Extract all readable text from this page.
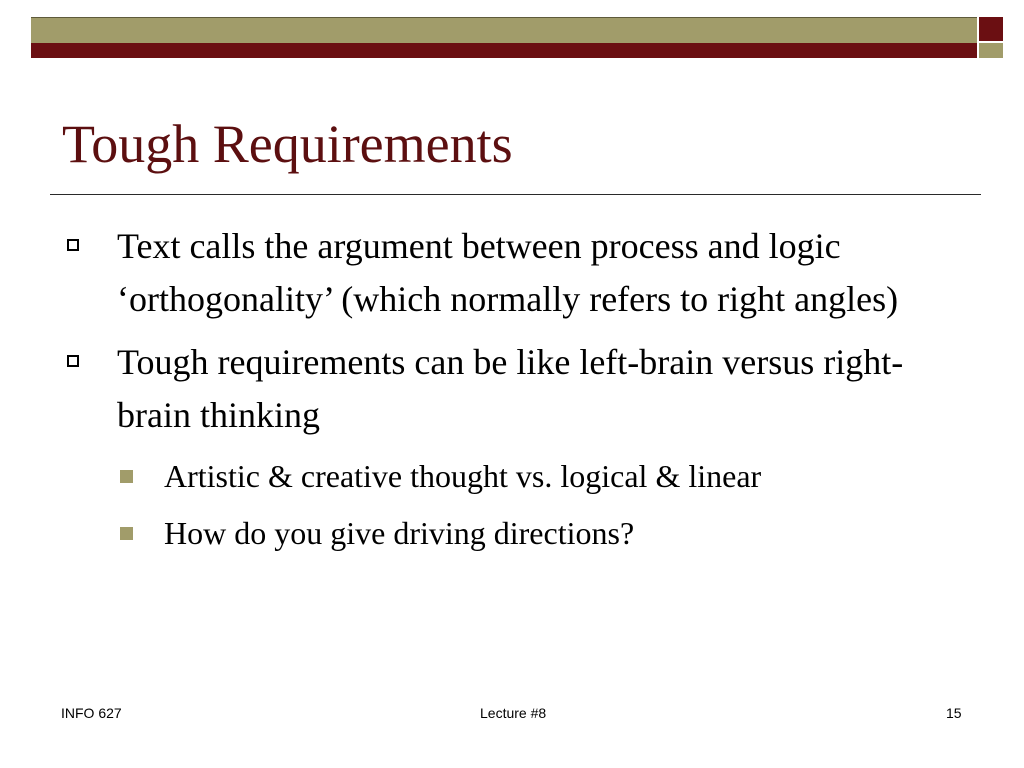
Tough Requirements
Text calls the argument between process and logic ‘orthogonality’ (which normally refers to right angles)
Tough requirements can be like left-brain versus right-brain thinking
Artistic & creative thought vs. logical & linear
How do you give driving directions?
INFO 627	Lecture #8	15
